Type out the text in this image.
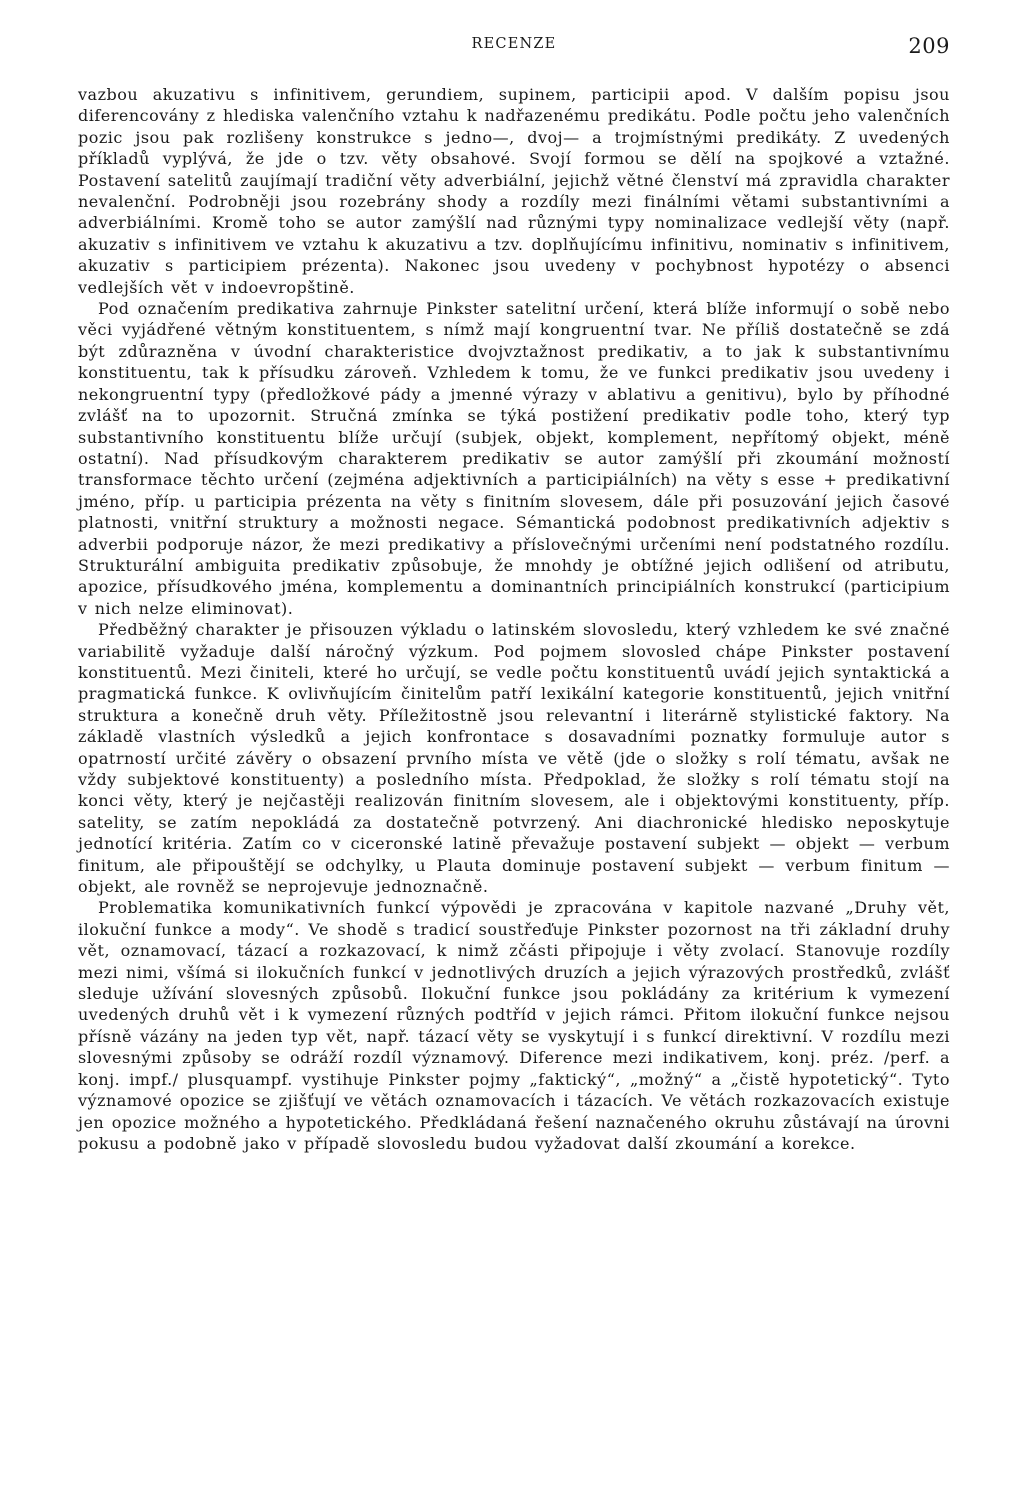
RECENZE	209

vazbou akuzativu s infinitivem, gerundiem, supinem, participii apod. V dalším popisu jsou diferencovány z hlediska valenčního vztahu k nadřazenému predikátu. Podle počtu jeho valenčních pozic jsou pak rozlišeny konstrukce s jedno—, dvoj— a trojmístnými predikáty. Z uvedených příkladů vyplývá, že jde o tzv. věty obsahové. Svojí formou se dělí na spojkové a vztažné. Postavení satelitů zaujímají tradiční věty adverbiální, jejichž větné členství má zpravidla charakter nevalenční. Podrobněji jsou rozebrány shody a rozdíly mezi finálními větami substantivními a adverbiálními. Kromě toho se autor zamýšlí nad různými typy nominalizace vedlejší věty (např. akuzativ s infinitivem ve vztahu k akuzativu a tzv. doplňujícímu infinitivu, nominativ s infinitivem, akuzativ s participiem prézenta). Nakonec jsou uvedeny v pochybnost hypotézy o absenci vedlejších vět v indoevropštině.

Pod označením predikativa zahrnuje Pinkster satelitní určení, která blíže informují o sobě nebo věci vyjádřené větným konstituentem, s nímž mají kongruentní tvar. Ne příliš dostatečně se zdá být zdůrazněna v úvodní charakteristice dvojvztažnost predikativ, a to jak k substantivnímu konstituentu, tak k přísudku zároveň. Vzhledem k tomu, že ve funkci predikativ jsou uvedeny i nekongruentní typy (předložkové pády a jmenné výrazy v ablativu a genitivu), bylo by příhodné zvlášť na to upozornit. Stručná zmínka se týká postižení predikativ podle toho, který typ substantivního konstituentu blíže určují (subjek, objekt, komplement, nepřítomý objekt, méně ostatní). Nad přísudkovým charakterem predikativ se autor zamýšlí při zkoumání možností transformace těchto určení (zejména adjektivních a participiálních) na věty s esse + predikativní jméno, příp. u participia prézenta na věty s finitním slovesem, dále při posuzování jejich časové platnosti, vnitřní struktury a možnosti negace. Sémantická podobnost predikativních adjektiv s adverbii podporuje názor, že mezi predikativy a příslovečnými určeními není podstatného rozdílu. Strukturální ambiguita predikativ způsobuje, že mnohdy je obtížné jejich odlišení od atributu, apozice, přísudkového jména, komplementu a dominantních principiálních konstrukcí (participium v nich nelze eliminovat).

Předběžný charakter je přisouzen výkladu o latinském slovosledu, který vzhledem ke své značné variabilitě vyžaduje další náročný výzkum. Pod pojmem slovosled chápe Pinkster postavení konstituentů. Mezi činiteli, které ho určují, se vedle počtu konstituentů uvádí jejich syntaktická a pragmatická funkce. K ovlivňujícím činitelům patří lexikální kategorie konstituentů, jejich vnitřní struktura a konečně druh věty. Příležitostně jsou relevantní i literárně stylistické faktory. Na základě vlastních výsledků a jejich konfrontace s dosavadními poznatky formuluje autor s opatrností určité závěry o obsazení prvního místa ve větě (jde o složky s rolí tématu, avšak ne vždy subjektové konstituenty) a posledního místa. Předpoklad, že složky s rolí tématu stojí na konci věty, který je nejčastěji realizován finitním slovesem, ale i objektovými konstituenty, příp. satelity, se zatím nepokládá za dostatečně potvrzený. Ani diachronické hledisko neposkytuje jednotící kritéria. Zatím co v ciceronské latině převažuje postavení subjekt — objekt — verbum finitum, ale připouštějí se odchylky, u Plauta dominuje postavení subjekt — verbum finitum — objekt, ale rovněž se neprojevuje jednoznačně.

Problematika komunikativních funkcí výpovědi je zpracována v kapitole nazvané „Druhy vět, ilokuční funkce a mody“. Ve shodě s tradicí soustřeďuje Pinkster pozornost na tři základní druhy vět, oznamovací, tázací a rozkazovací, k nimž zčásti připojuje i věty zvolací. Stanovuje rozdíly mezi nimi, všímá si ilokučních funkcí v jednotlivých druzích a jejich výrazových prostředků, zvlášť sleduje užívání slovesných způsobů. Ilokuční funkce jsou pokládány za kritérium k vymezení uvedených druhů vět i k vymezení různých podtříd v jejich rámci. Přitom ilokuční funkce nejsou přísně vázány na jeden typ vět, např. tázací věty se vyskytují i s funkcí direktivní. V rozdílu mezi slovesnými způsoby se odráží rozdíl významový. Diference mezi indikativem, konj. préz. /perf. a konj. impf./ plusquampf. vystihuje Pinkster pojmy „faktický“, „možný“ a „čistě hypotetický“. Tyto významové opozice se zjišťují ve větách oznamovacích i tázacích. Ve větách rozkazovacích existuje jen opozice možného a hypotetického. Předkládaná řešení naznačeného okruhu zůstávají na úrovni pokusu a podobně jako v případě slovosledu budou vyžadovat další zkoumání a korekce.
